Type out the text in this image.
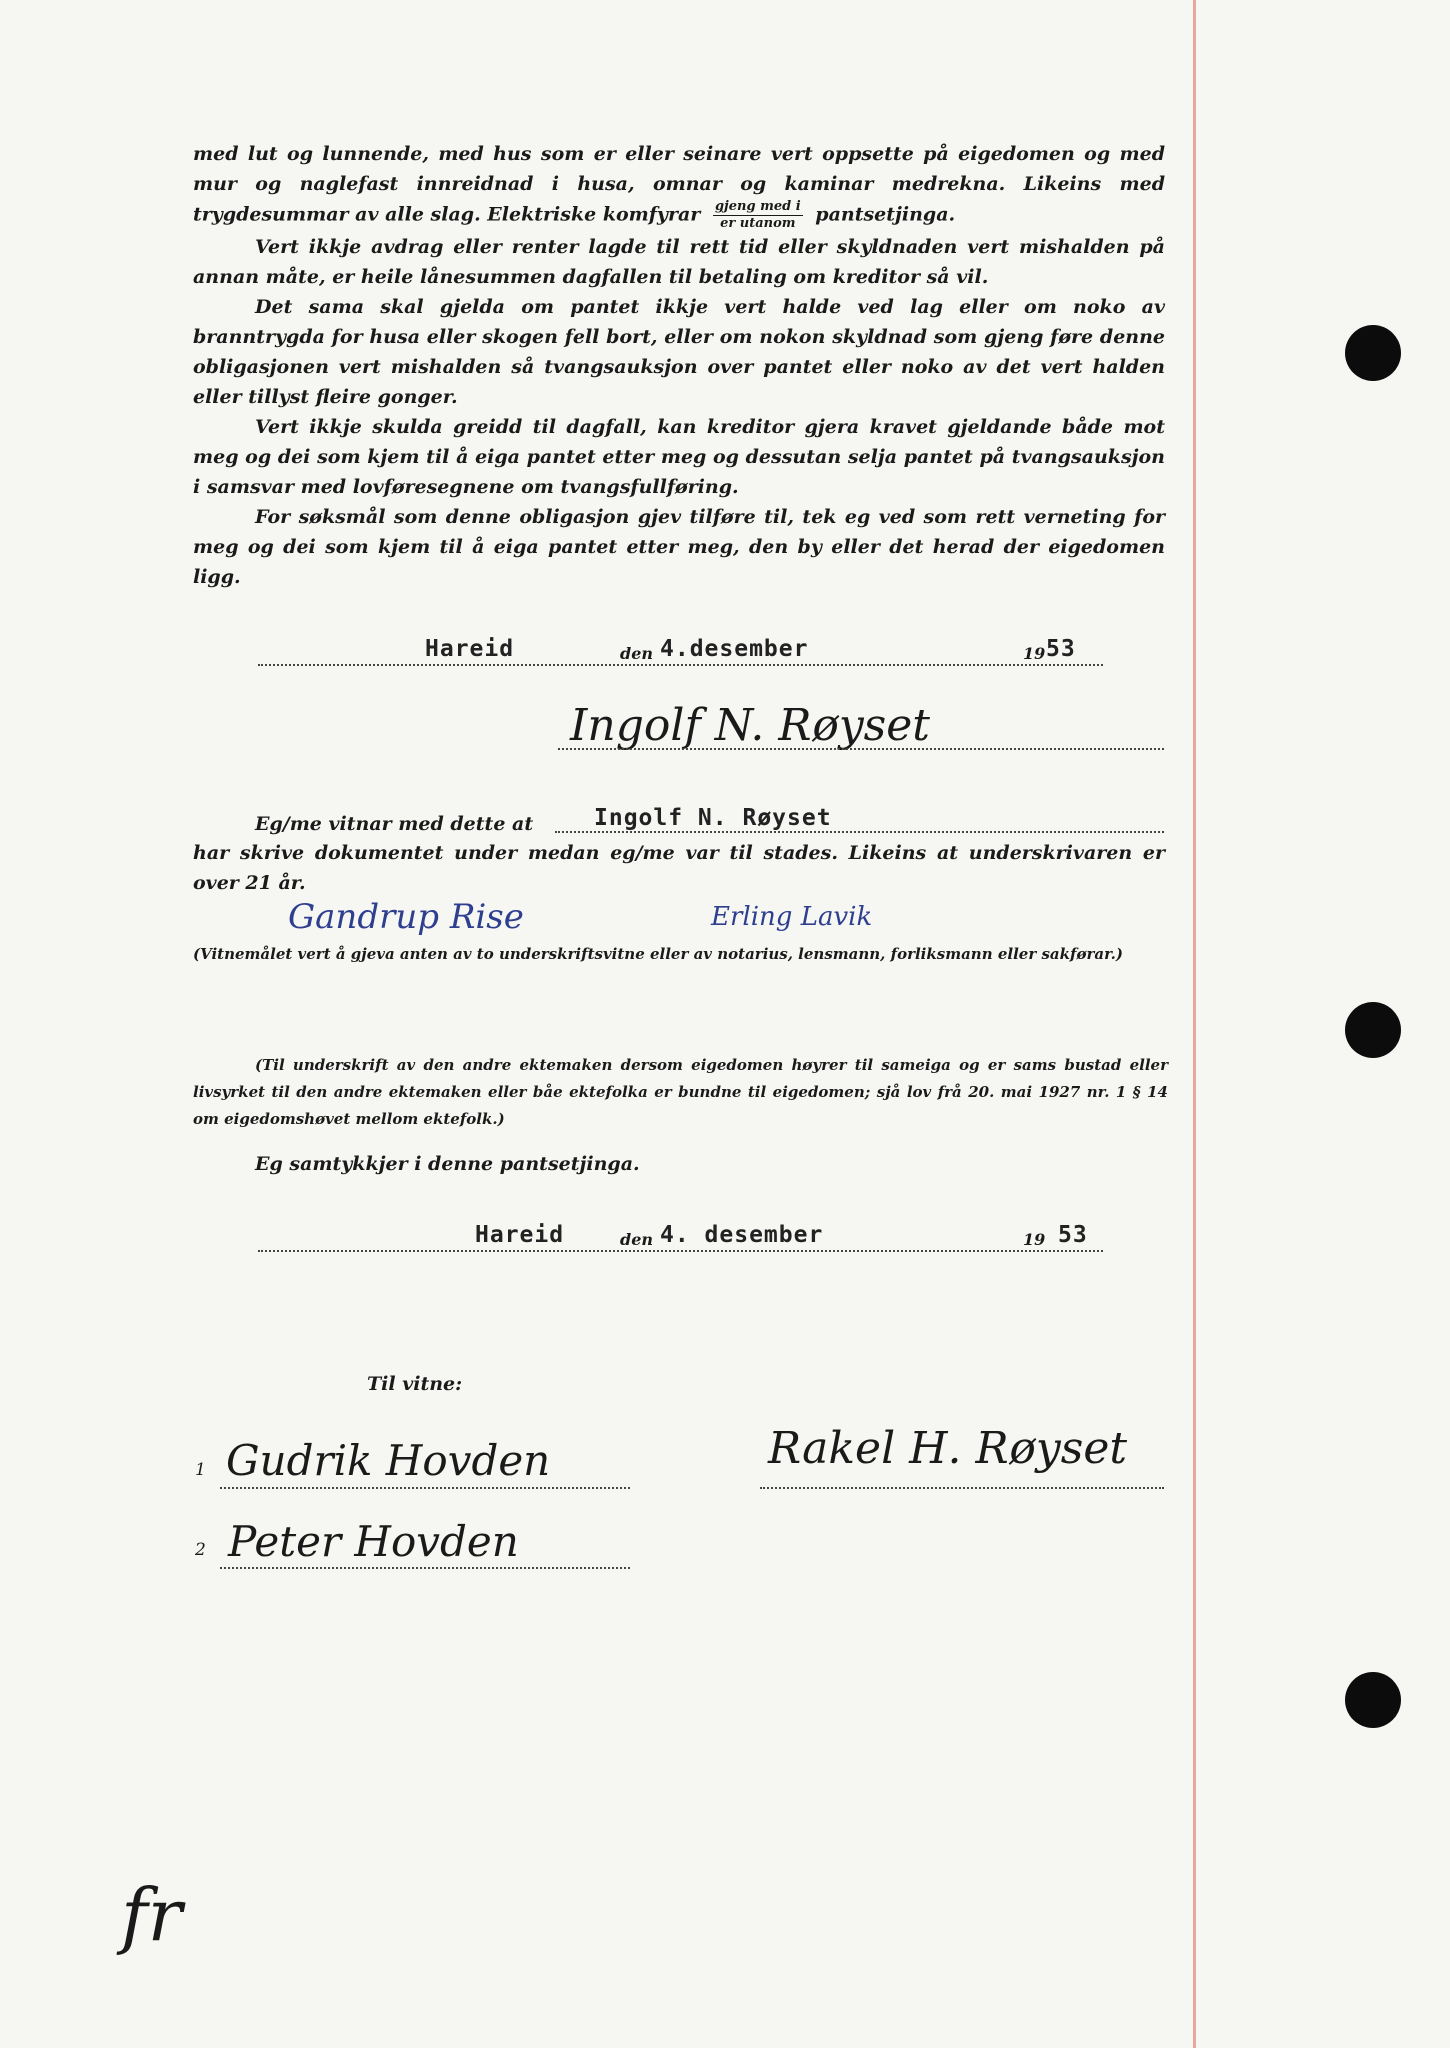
med lut og lunnende, med hus som er eller seinare vert oppsette på eigedomen og med mur og naglefast innreidnad i husa, omnar og kaminar medrekna. Likeins med trygdesummar av alle slag. Elektriske komfyrar $\frac{\text{gjeng med i}}{\text{er utanom}}$ pantsetjinga.

Vert ikkje avdrag eller renter lagde til rett tid eller skyldnaden vert mishalden på annan måte, er heile lånesummen dagfallen til betaling om kreditor så vil.

Det sama skal gjelda om pantet ikkje vert halde ved lag eller om noko av branntrygda for husa eller skogen fell bort, eller om nokon skyldnad som gjeng føre denne obligasjonen vert mishalden så tvangsauksjon over pantet eller noko av det vert halden eller tillyst fleire gonger.

Vert ikkje skulda greidd til dagfall, kan kreditor gjera kravet gjeldande både mot meg og dei som kjem til å eiga pantet etter meg og dessutan selja pantet på tvangsauksjon i samsvar med lovføresegnene om tvangsfullføring.

For søksmål som denne obligasjon gjev tilføre til, tek eg ved som rett verneting for meg og dei som kjem til å eiga pantet etter meg, den by eller det herad der eigedomen ligg.

Hareid	den 4.desember	19 53
Ingolf N. Røyset
Eg/me vitnar med dette at	Ingolf N. Røyset
har skrive dokumentet under medan eg/me var til stades. Likeins at underskrivaren er over 21 år.
Gandrup Rise	Erling Lavik
(Vitnemålet vert å gjeva anten av to underskriftsvitne eller av notarius, lensmann, forliksmann eller sakførar.)
(Til underskrift av den andre ektemaken dersom eigedomen høyrer til sameiga og er sams bustad eller livsyrket til den andre ektemaken eller båe ektefolka er bundne til eigedomen; sjå lov frå 20. mai 1927 nr. 1 § 14 om eigedomshøvet mellom ektefolk.)
Eg samtykkjer i denne pantsetjinga.
Hareid	den 4. desember	19 53
Til vitne:
1 Gudrik Hovden
2 Peter Hovden
Rakel H. Røyset
fr
